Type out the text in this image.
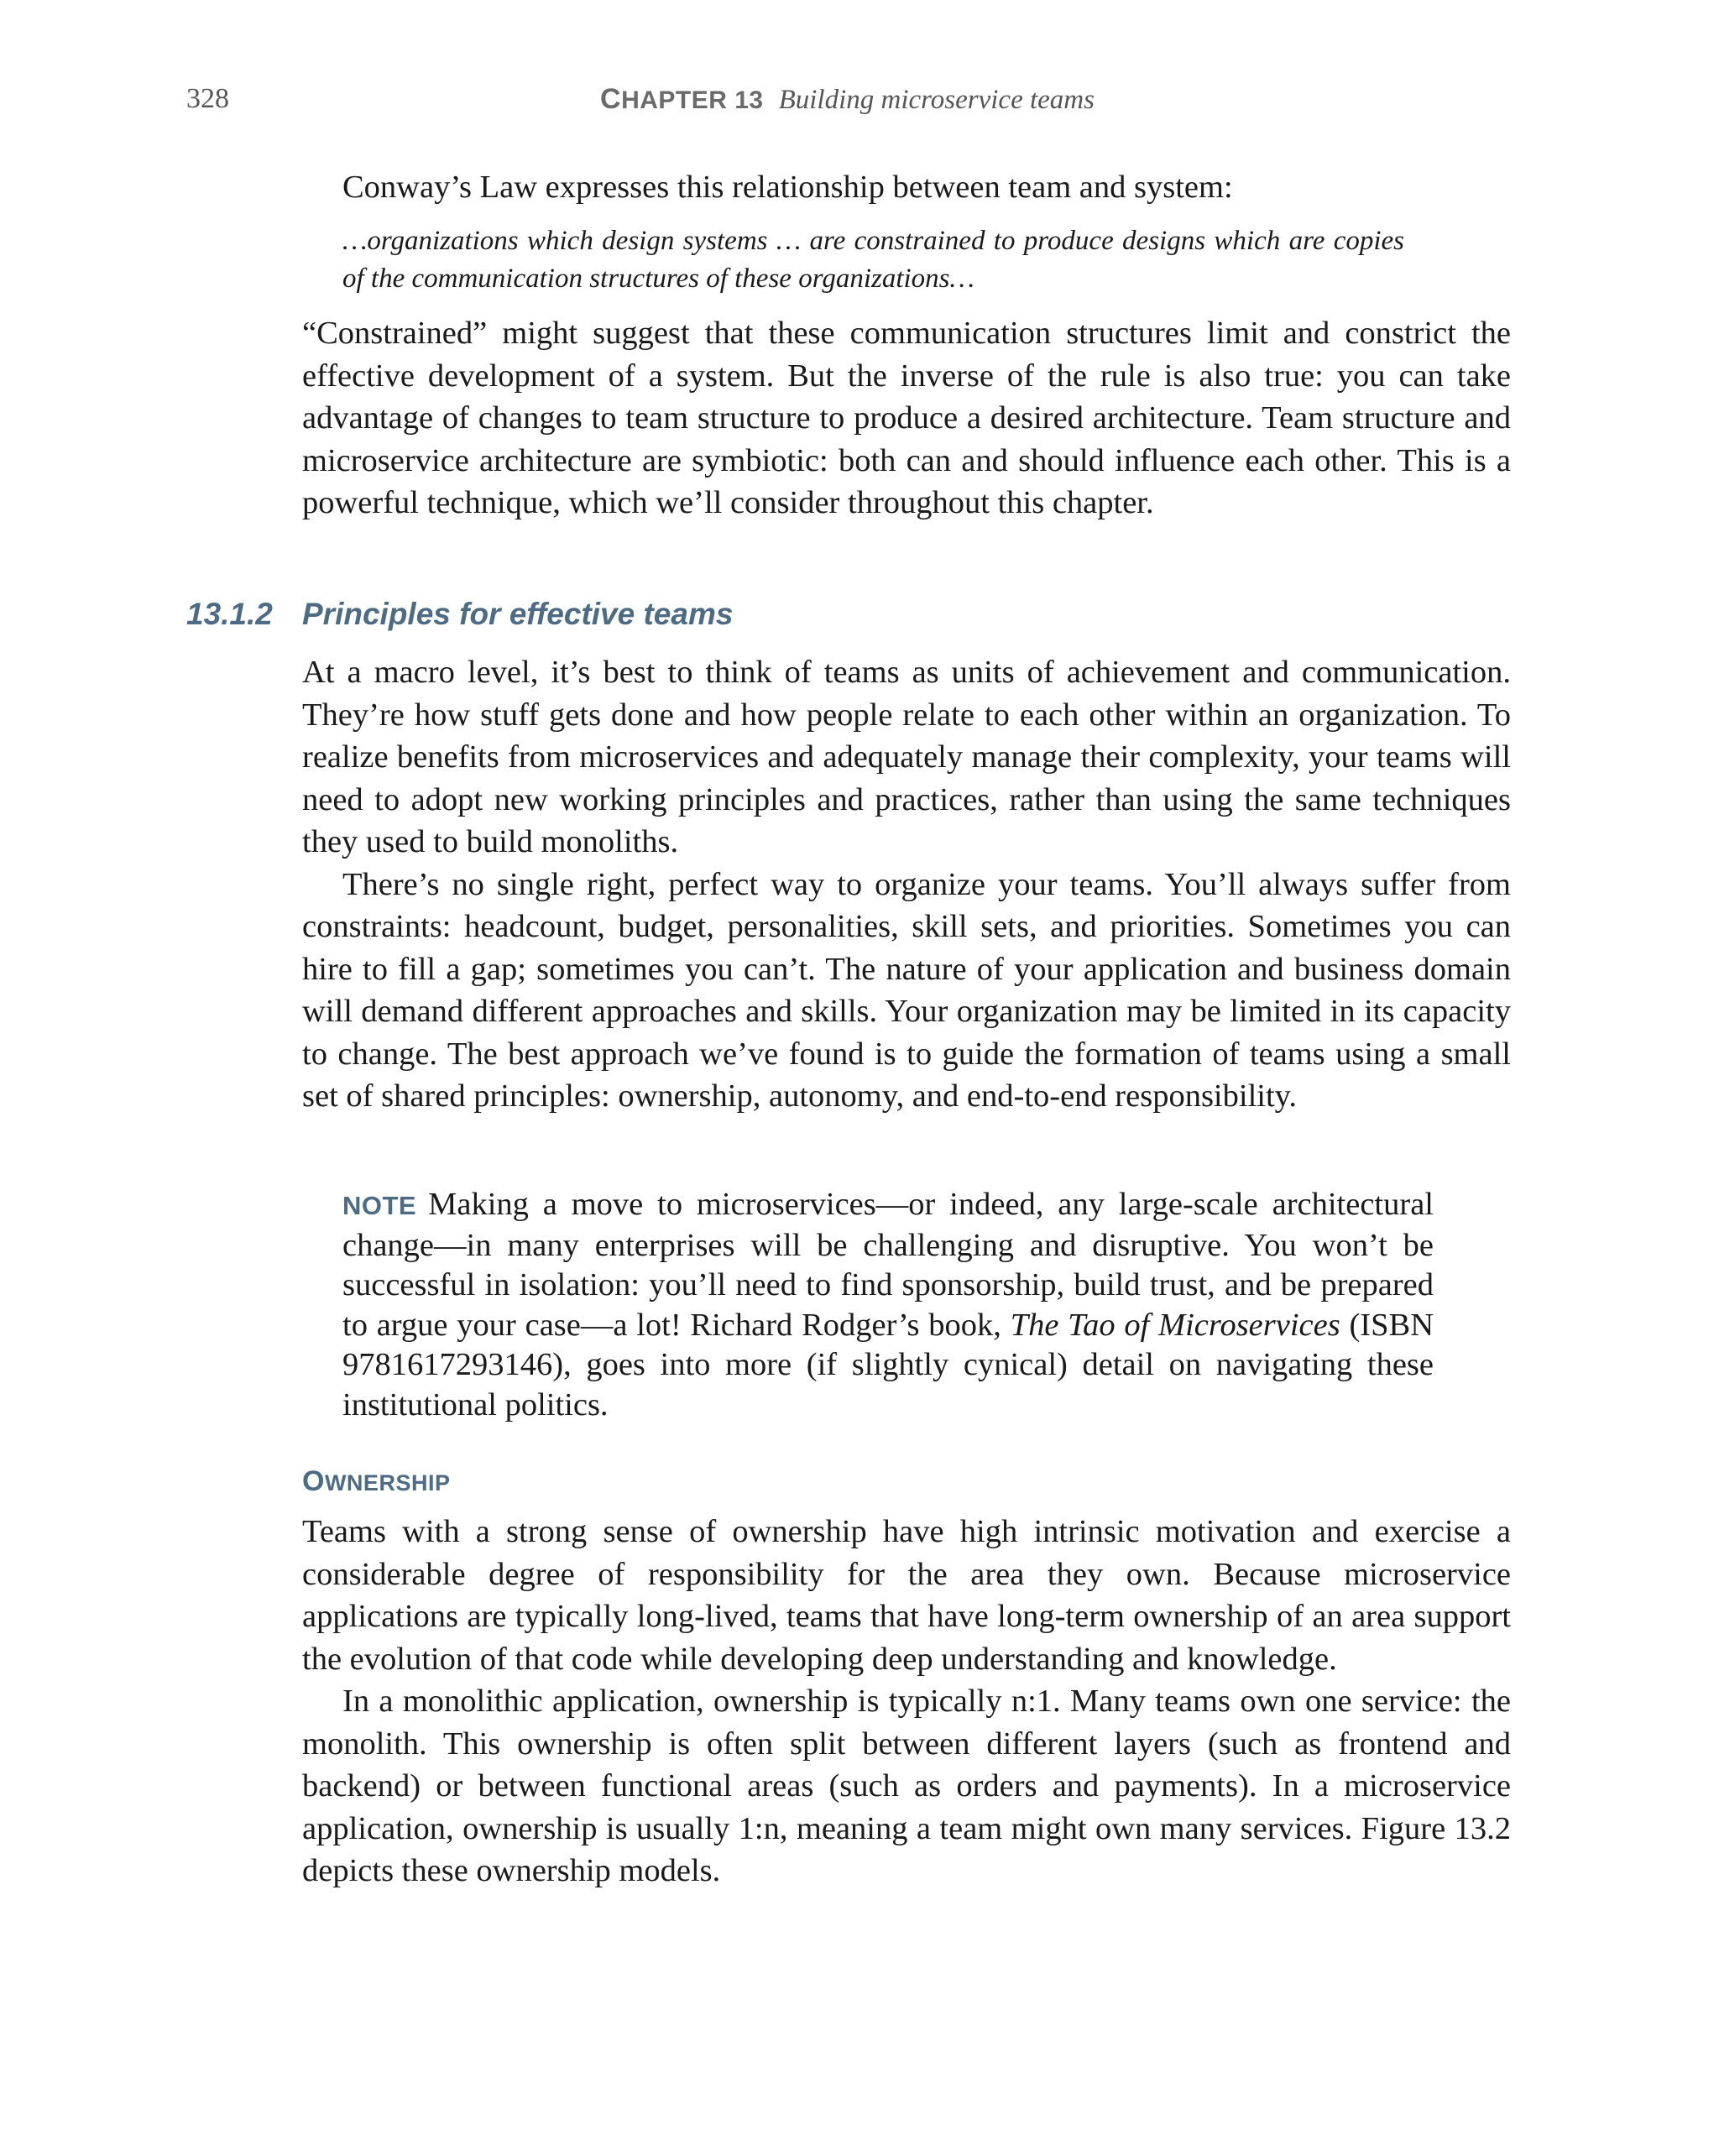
328	CHAPTER 13 Building microservice teams

Conway’s Law expresses this relationship between team and system:

…organizations which design systems … are constrained to produce designs which are copies of the communication structures of these organizations…

“Constrained” might suggest that these communication structures limit and constrict the effective development of a system. But the inverse of the rule is also true: you can take advantage of changes to team structure to produce a desired architecture. Team structure and microservice architecture are symbiotic: both can and should influence each other. This is a powerful technique, which we’ll consider throughout this chapter.

13.1.2 Principles for effective teams

At a macro level, it’s best to think of teams as units of achievement and communication. They’re how stuff gets done and how people relate to each other within an organization. To realize benefits from microservices and adequately manage their complexity, your teams will need to adopt new working principles and practices, rather than using the same techniques they used to build monoliths.

There’s no single right, perfect way to organize your teams. You’ll always suffer from constraints: headcount, budget, personalities, skill sets, and priorities. Sometimes you can hire to fill a gap; sometimes you can’t. The nature of your application and business domain will demand different approaches and skills. Your organization may be limited in its capacity to change. The best approach we’ve found is to guide the formation of teams using a small set of shared principles: ownership, autonomy, and end-to-end responsibility.

NOTE Making a move to microservices—or indeed, any large-scale architectural change—in many enterprises will be challenging and disruptive. You won’t be successful in isolation: you’ll need to find sponsorship, build trust, and be prepared to argue your case—a lot! Richard Rodger’s book, The Tao of Microservices (ISBN 9781617293146), goes into more (if slightly cynical) detail on navigating these institutional politics.

OWNERSHIP

Teams with a strong sense of ownership have high intrinsic motivation and exercise a considerable degree of responsibility for the area they own. Because microservice applications are typically long-lived, teams that have long-term ownership of an area support the evolution of that code while developing deep understanding and knowledge.

In a monolithic application, ownership is typically n:1. Many teams own one service: the monolith. This ownership is often split between different layers (such as frontend and backend) or between functional areas (such as orders and payments). In a microservice application, ownership is usually 1:n, meaning a team might own many services. Figure 13.2 depicts these ownership models.
